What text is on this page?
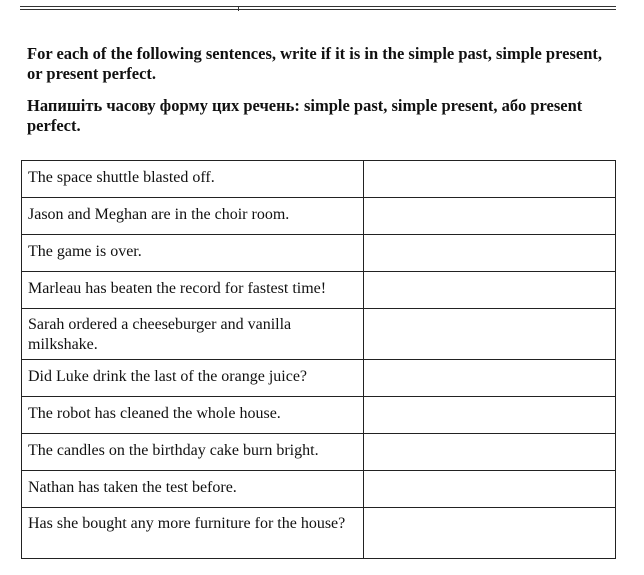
For each of the following sentences, write if it is in the simple past, simple present, or present perfect.

Напишіть часову форму цих речень: simple past, simple present, або present perfect.

The space shuttle blasted off.	
Jason and Meghan are in the choir room.	
The game is over.	
Marleau has beaten the record for fastest time!	
Sarah ordered a cheeseburger and vanilla milkshake.	
Did Luke drink the last of the orange juice?	
The robot has cleaned the whole house.	
The candles on the birthday cake burn bright.	
Nathan has taken the test before.	
Has she bought any more furniture for the house?	
